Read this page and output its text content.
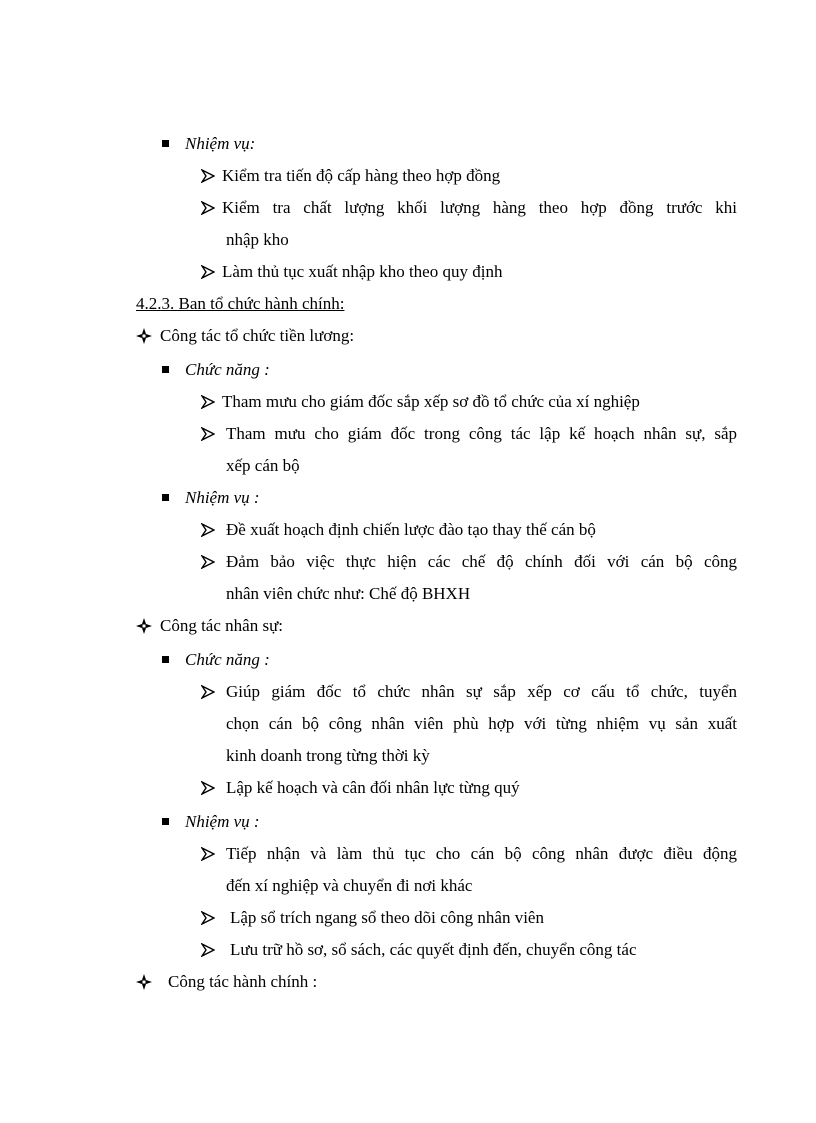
Nhiệm vụ:
Kiểm tra tiến độ cấp hàng theo hợp đồng
Kiểm tra chất lượng khối lượng hàng theo hợp đồng trước khi
nhập kho
Làm thủ tục xuất nhập kho theo quy định
4.2.3. Ban tổ chức hành chính:
Công tác tổ chức tiền lương:
Chức năng :
Tham mưu cho giám đốc sắp xếp sơ đồ tổ chức của xí nghiệp
Tham mưu cho giám đốc trong công tác lập kế hoạch nhân sự, sắp
xếp cán bộ
Nhiệm vụ :
Đề xuất hoạch định chiến lược đào tạo thay thế cán bộ
Đảm bảo việc thực hiện các chế độ chính đối với cán bộ công
nhân viên chức như: Chế độ BHXH
Công tác nhân sự:
Chức năng :
Giúp giám đốc tổ chức nhân sự sắp xếp cơ cấu tổ chức, tuyển
chọn cán bộ công nhân viên phù hợp với từng nhiệm vụ sản xuất
kinh doanh trong từng thời kỳ
Lập kế hoạch và cân đối nhân lực từng quý
Nhiệm vụ :
Tiếp nhận và làm thủ tục cho cán bộ công nhân được điều động
đến xí nghiệp và chuyển đi nơi khác
Lập sổ trích ngang sổ theo dõi công nhân viên
Lưu trữ hồ sơ, sổ sách, các quyết định đến, chuyển công tác
Công tác hành chính :
